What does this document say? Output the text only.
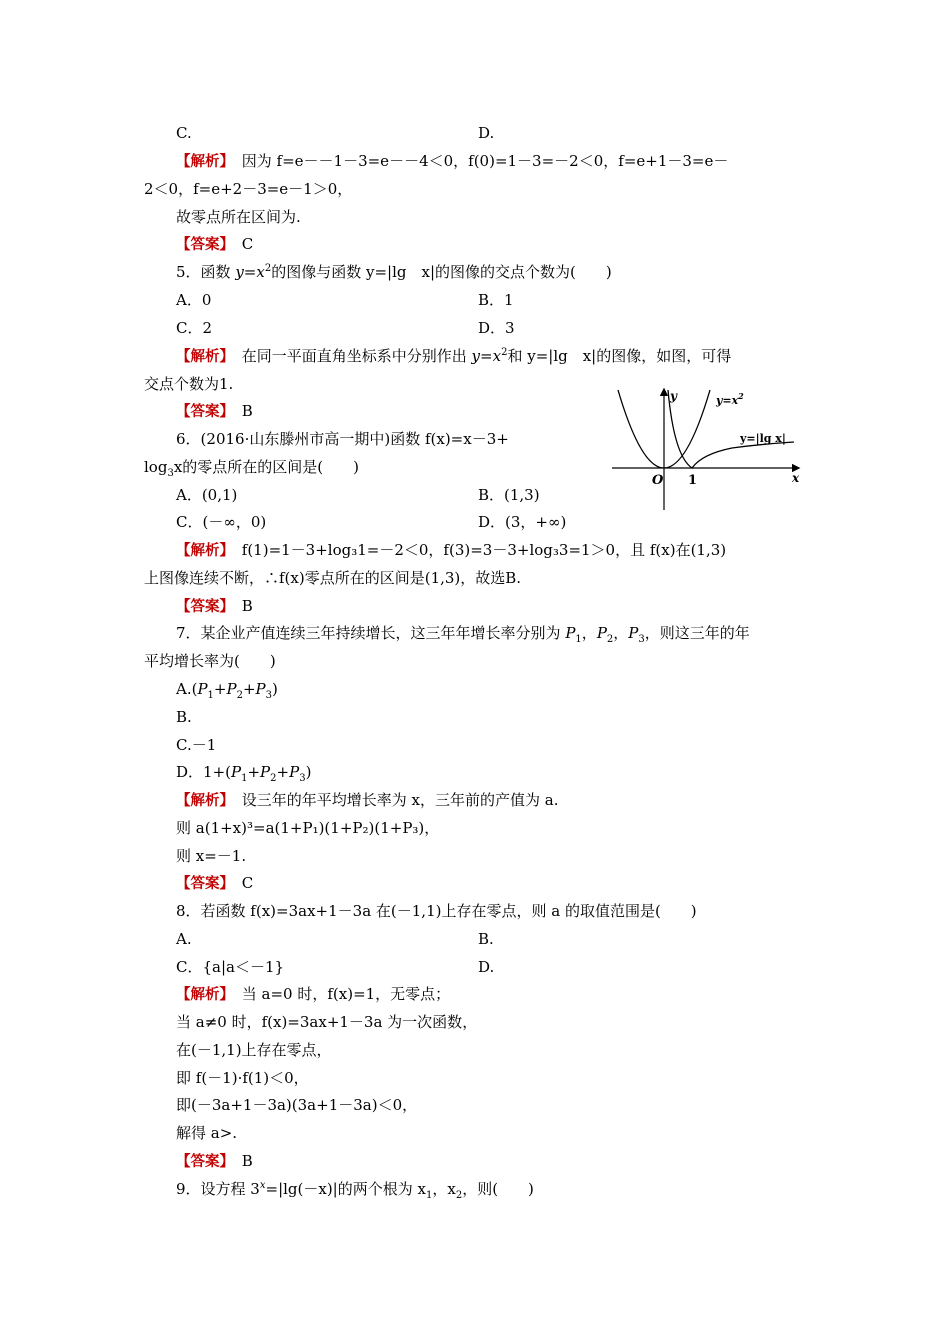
C.	D.
【解析】　 因为 f=e－－1－3=e－－4＜0，f(0)=1－3=－2＜0，f=e+1－3=e－
2＜0，f=e+2－3=e－1＞0，
故零点所在区间为.
【答案】　 C
5．函数 $y=x^2$的图像与函数 y=|lg　x|的图像的交点个数为(　　)
A．0	B．1
C．2	D．3
【解析】　 在同一平面直角坐标系中分别作出 $y=x^2$和 y=|lg　x|的图像，如图，可得
交点个数为1.
【答案】　 B
y
x
O 1
$y=x^2$
y=|lg x|
6．(2016·山东滕州市高一期中)函数 f(x)=x－3+
$\log_3x$的零点所在的区间是(　　)
A．(0,1)	B．(1,3)
C．(－∞，0)	D．(3，+∞)
【解析】　 f(1)=1－3+log₃1=－2＜0，f(3)=3－3+log₃3=1＞0，且 f(x)在(1,3)
上图像连续不断，∴f(x)零点所在的区间是(1,3)，故选B.
【答案】　 B
7．某企业产值连续三年持续增长，这三年年增长率分别为 $P_1$，$P_2$，$P_3$，则这三年的年
平均增长率为(　　)
$A.(P_1+P_2+P_3)$
B.
C.－1
D．$1+(P_1+P_2+P_3)$
【解析】　 设三年的年平均增长率为 x，三年前的产值为 a.
则 a(1+x)³=a(1+P₁)(1+P₂)(1+P₃)，
则 x=－1.
【答案】　 C
8．若函数 f(x)=3ax+1－3a 在(－1,1)上存在零点，则 a 的取值范围是(　　)
A.	B.
C．{a|a＜－1}	D.
【解析】　 当 a=0 时，f(x)=1，无零点；
当 a≠0 时，f(x)=3ax+1－3a 为一次函数，
在(－1,1)上存在零点，
即 f(－1)·f(1)＜0，
即(－3a+1－3a)(3a+1－3a)＜0，
解得 a>.
【答案】　 B
9．设方程 $3^x=|\lg(-x)|$的两个根为 $x_1$，$x_2$，则(　　)
